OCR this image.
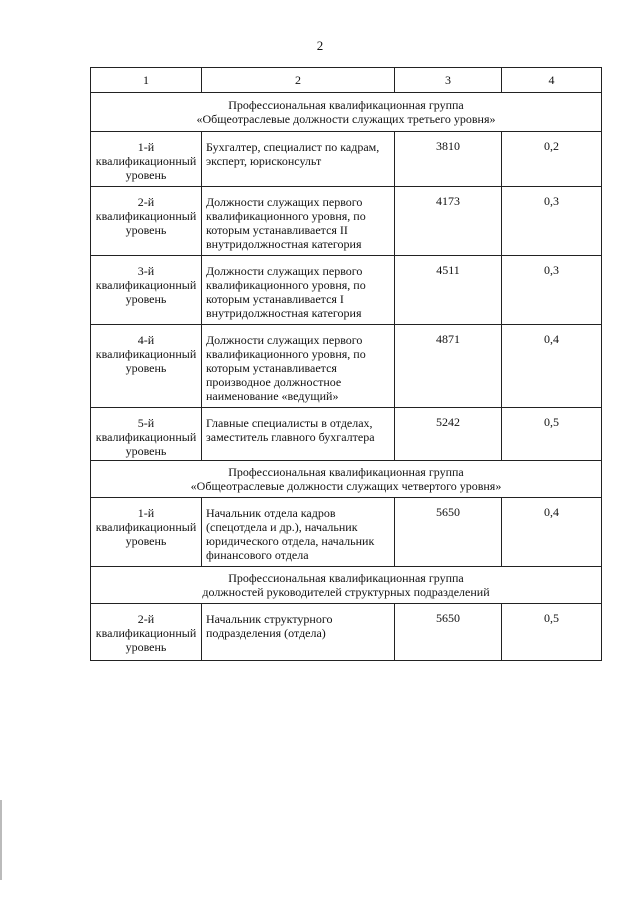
2
1	2	3	4

Профессиональная квалификационная группа
«Общеотраслевые должности служащих третьего уровня»			

1-й
квалификационный
уровень	Бухгалтер, специалист по кадрам,
эксперт, юрисконсульт	3810	0,2

2-й
квалификационный
уровень	Должности служащих первого
квалификационного уровня, по
которым устанавливается II
внутридолжностная категория	4173	0,3

3-й
квалификационный
уровень	Должности служащих первого
квалификационного уровня, по
которым устанавливается I
внутридолжностная категория	4511	0,3

4-й
квалификационный
уровень	Должности служащих первого
квалификационного уровня, по
которым устанавливается
производное должностное
наименование «ведущий»	4871	0,4

5-й
квалификационный
уровень	Главные специалисты в отделах,
заместитель главного бухгалтера	5242	0,5

Профессиональная квалификационная группа
«Общеотраслевые должности служащих четвертого уровня»			

1-й
квалификационный
уровень	Начальник отдела кадров
(спецотдела и др.), начальник
юридического отдела, начальник
финансового отдела	5650	0,4

Профессиональная квалификационная группа
должностей руководителей структурных подразделений			

2-й
квалификационный
уровень	Начальник структурного
подразделения (отдела)	5650	0,5
